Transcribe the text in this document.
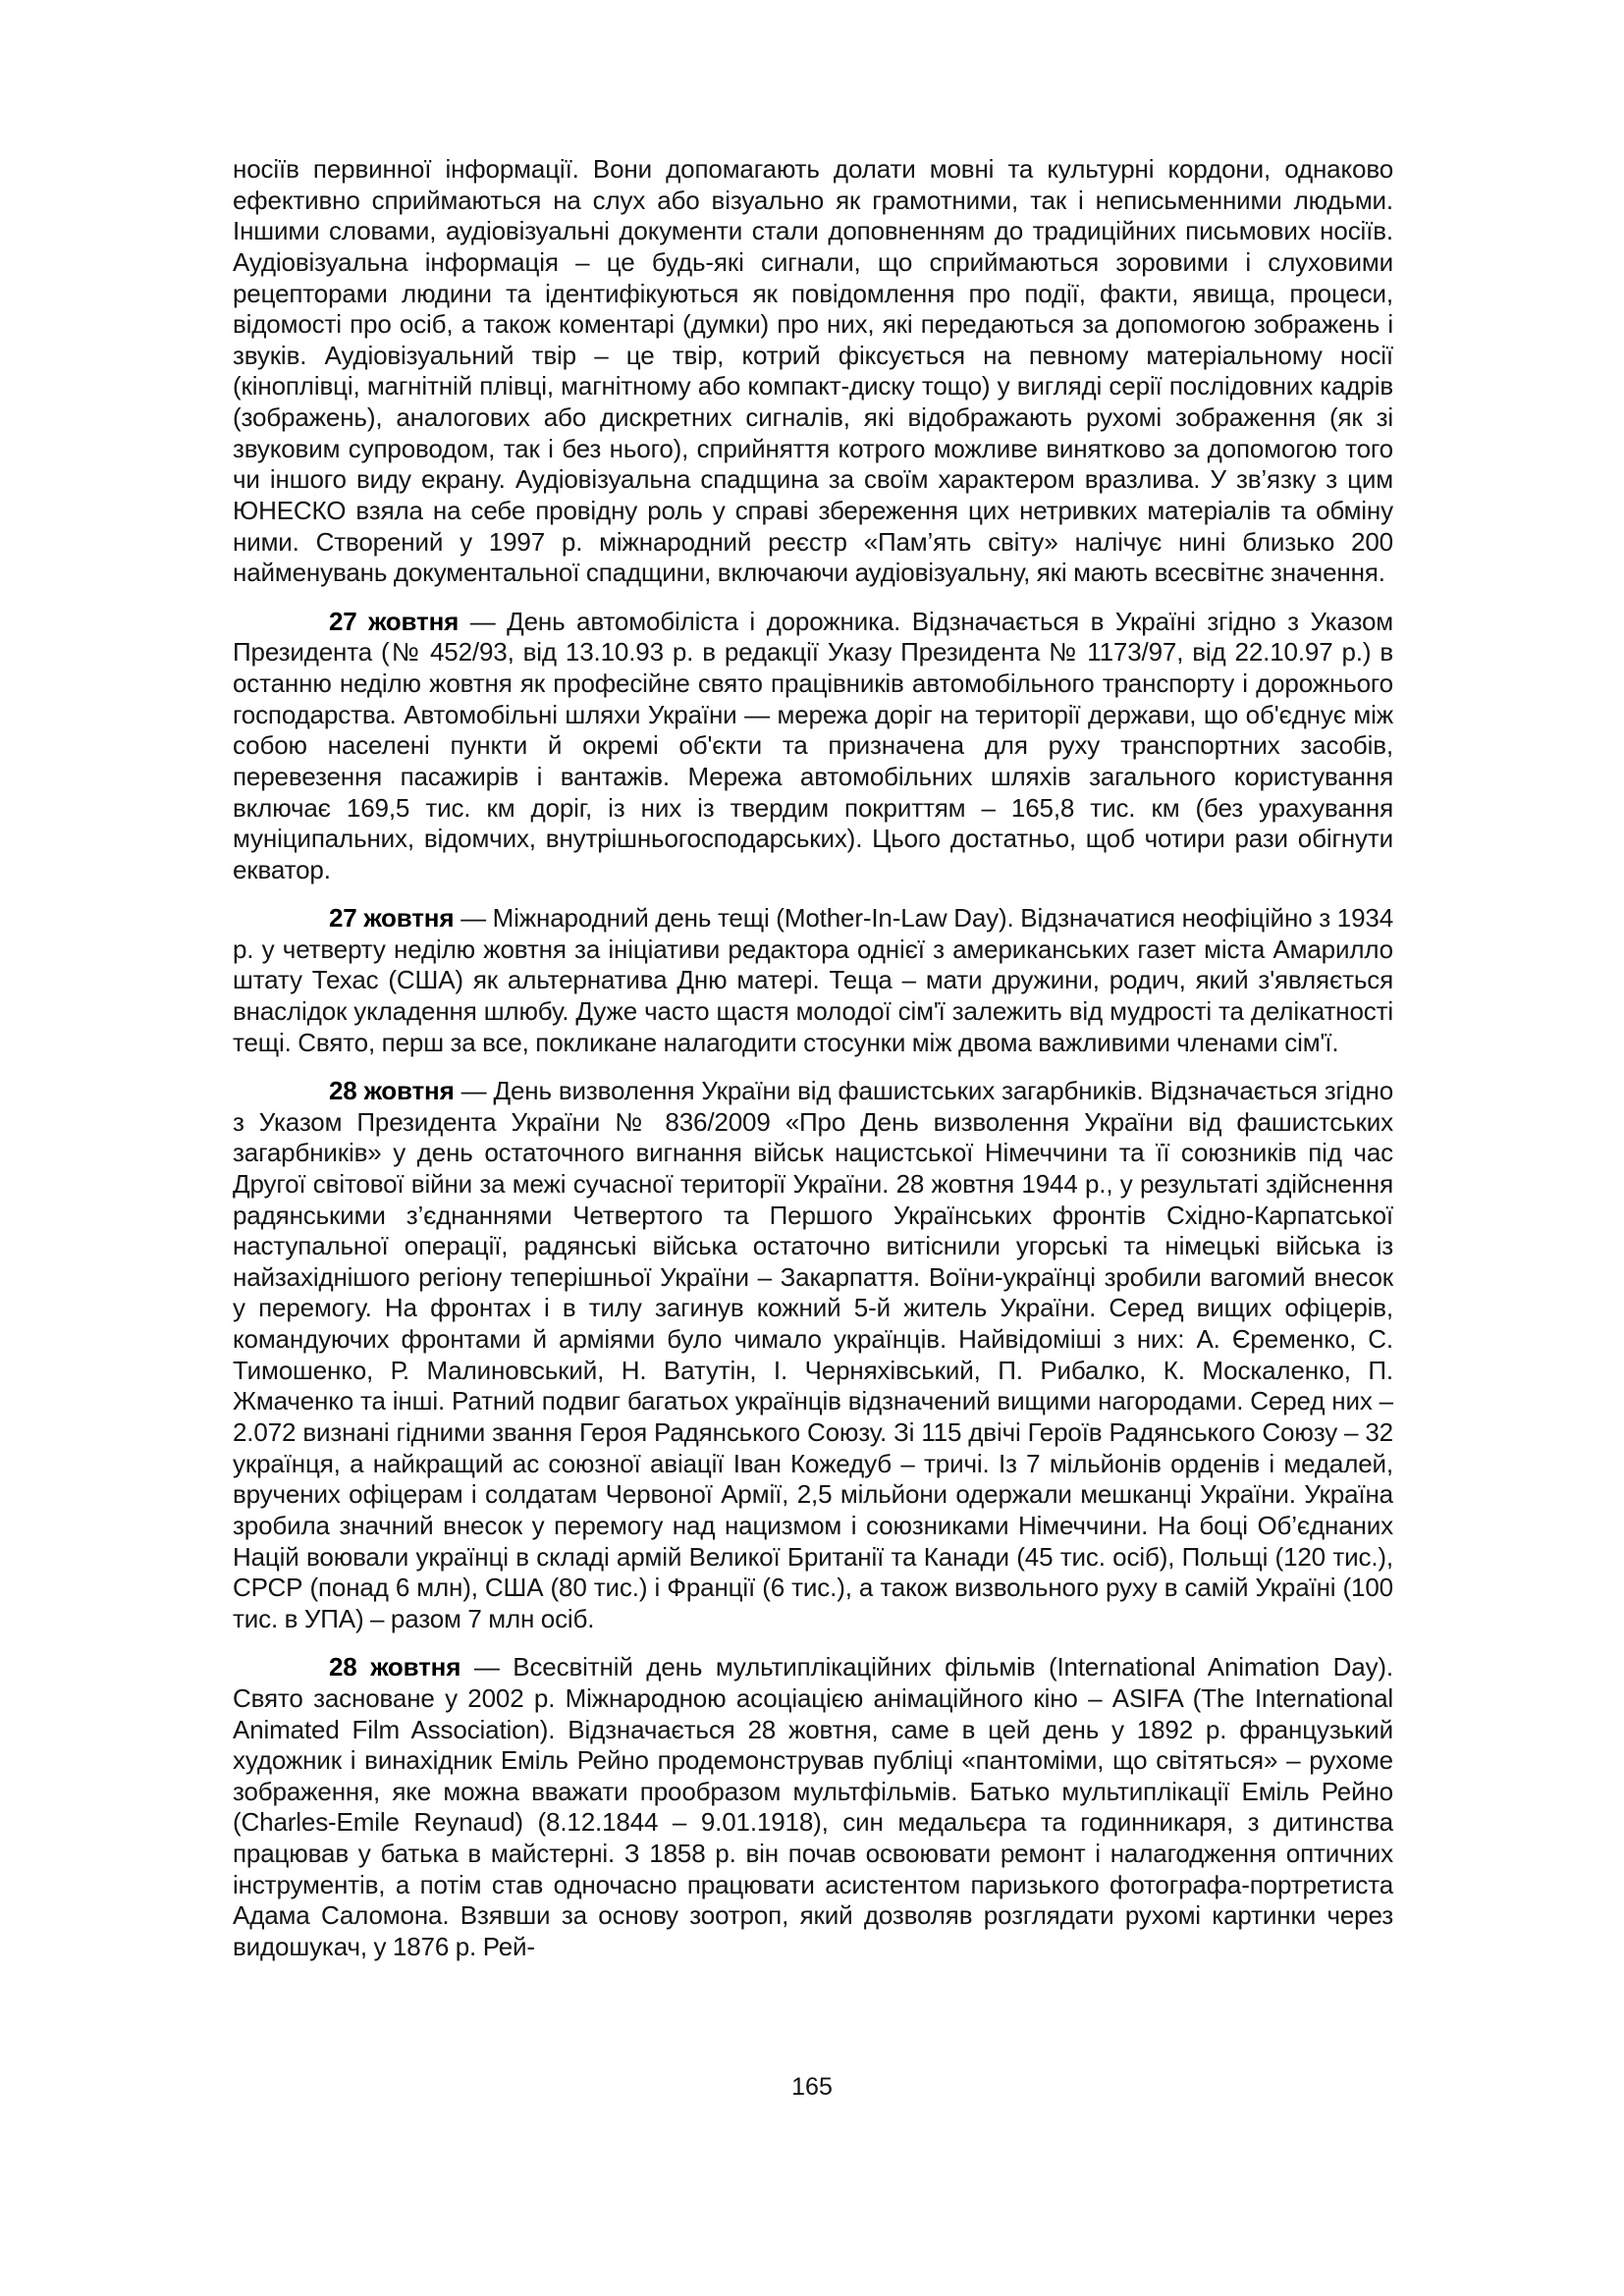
носіїв первинної інформації. Вони допомагають долати мовні та культурні кордони, однаково ефективно сприймаються на слух або візуально як грамотними, так і неписьменними людьми. Іншими словами, аудіовізуальні документи стали доповненням до традиційних письмових носіїв. Аудіовізуальна інформація – це будь-які сигнали, що сприймаються зоровими і слуховими рецепторами людини та ідентифікуються як повідомлення про події, факти, явища, процеси, відомості про осіб, а також коментарі (думки) про них, які передаються за допомогою зображень і звуків. Аудіовізуальний твір – це твір, котрий фіксується на певному матеріальному носії (кіноплівці, магнітній плівці, магнітному або компакт-диску тощо) у вигляді серії послідовних кадрів (зображень), аналогових або дискретних сигналів, які відображають рухомі зображення (як зі звуковим супроводом, так і без нього), сприйняття котрого можливе винятково за допомогою того чи іншого виду екрану. Аудіовізуальна спадщина за своїм характером вразлива. У зв’язку з цим ЮНЕСКО взяла на себе провідну роль у справі збереження цих нетривких матеріалів та обміну ними. Створений у 1997 р. міжнародний реєстр «Пам’ять світу» налічує нині близько 200 найменувань документальної спадщини, включаючи аудіовізуальну, які мають всесвітнє значення.

27 жовтня — День автомобіліста і дорожника. Відзначається в Україні згідно з Указом Президента (№ 452/93, від 13.10.93 р. в редакції Указу Президента № 1173/97, від 22.10.97 р.) в останню неділю жовтня як професійне свято працівників автомобільного транспорту і дорожнього господарства. Автомобільні шляхи України — мережа доріг на території держави, що об'єднує між собою населені пункти й окремі об'єкти та призначена для руху транспортних засобів, перевезення пасажирів і вантажів. Мережа автомобільних шляхів загального користування включає 169,5 тис. км доріг, із них із твердим покриттям – 165,8 тис. км (без урахування муніципальних, відомчих, внутрішньогосподарських). Цього достатньо, щоб чотири рази обігнути екватор.

27 жовтня — Міжнародний день тещі (Mother-In-Law Day). Відзначатися неофіційно з 1934 р. у четверту неділю жовтня за ініціативи редактора однієї з американських газет міста Амарилло штату Техас (США) як альтернатива Дню матері. Теща – мати дружини, родич, який з'являється внаслідок укладення шлюбу. Дуже часто щастя молодої сім'ї залежить від мудрості та делікатності тещі. Свято, перш за все, покликане налагодити стосунки між двома важливими членами сім'ї.

28 жовтня — День визволення України від фашистських загарбників. Відзначається згідно з Указом Президента України № 836/2009 «Про День визволення України від фашистських загарбників» у день остаточного вигнання військ нацистської Німеччини та її союзників під час Другої світової війни за межі сучасної території України. 28 жовтня 1944 р., у результаті здійснення радянськими з’єднаннями Четвертого та Першого Українських фронтів Східно-Карпатської наступальної операції, радянські війська остаточно витіснили угорські та німецькі війська із найзахіднішого регіону теперішньої України – Закарпаття. Воїни-українці зробили вагомий внесок у перемогу. На фронтах і в тилу загинув кожний 5-й житель України. Серед вищих офіцерів, командуючих фронтами й арміями було чимало українців. Найвідоміші з них: А. Єременко, С. Тимошенко, Р. Малиновський, Н. Ватутін, І. Черняхівський, П. Рибалко, К. Москаленко, П. Жмаченко та інші. Ратний подвиг багатьох українців відзначений вищими нагородами. Серед них – 2.072 визнані гідними звання Героя Радянського Союзу. Зі 115 двічі Героїв Радянського Союзу – 32 українця, а найкращий ас союзної авіації Іван Кожедуб – тричі. Із 7 мільйонів орденів і медалей, вручених офіцерам і солдатам Червоної Армії, 2,5 мільйони одержали мешканці України. Україна зробила значний внесок у перемогу над нацизмом і союзниками Німеччини. На боці Об’єднаних Націй воювали українці в складі армій Великої Британії та Канади (45 тис. осіб), Польщі (120 тис.), СРСР (понад 6 млн), США (80 тис.) і Франції (6 тис.), а також визвольного руху в самій Україні (100 тис. в УПА) – разом 7 млн осіб.

28 жовтня — Всесвітній день мультиплікаційних фільмів (International Animation Day). Свято засноване у 2002 р. Міжнародною асоціацією анімаційного кіно – ASIFA (The International Animated Film Association). Відзначається 28 жовтня, саме в цей день у 1892 р. французький художник і винахідник Еміль Рейно продемонстрував публіці «пантоміми, що світяться» – рухоме зображення, яке можна вважати прообразом мультфільмів. Батько мультиплікації Еміль Рейно (Charles-Emile Reynaud) (8.12.1844 – 9.01.1918), син медальєра та годинникаря, з дитинства працював у батька в майстерні. З 1858 р. він почав освоювати ремонт і налагодження оптичних інструментів, а потім став одночасно працювати асистентом паризького фотографа-портретиста Адама Саломона. Взявши за основу зоотроп, який дозволяв розглядати рухомі картинки через видошукач, у 1876 р. Рей-

165
